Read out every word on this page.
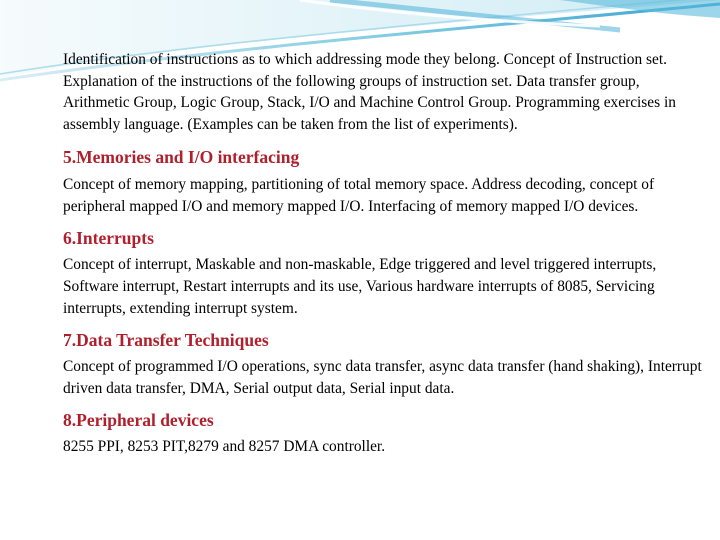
Identification of instructions as to which addressing mode they belong. Concept of Instruction set. Explanation of the instructions of the following groups of instruction set. Data transfer group, Arithmetic Group, Logic Group, Stack, I/O and Machine Control Group. Programming exercises in assembly language. (Examples can be taken from the list of experiments).

5.Memories and I/O interfacing

Concept of memory mapping, partitioning of total memory space. Address decoding, concept of peripheral mapped I/O and memory mapped I/O. Interfacing of memory mapped I/O devices.

6.Interrupts

Concept of interrupt, Maskable and non-maskable, Edge triggered and level triggered interrupts, Software interrupt, Restart interrupts and its use, Various hardware interrupts of 8085, Servicing interrupts, extending interrupt system.

7.Data Transfer Techniques

Concept of programmed I/O operations, sync data transfer, async data transfer (hand shaking), Interrupt driven data transfer, DMA, Serial output data, Serial input data.

8.Peripheral devices

8255 PPI, 8253 PIT,8279 and 8257 DMA controller.
